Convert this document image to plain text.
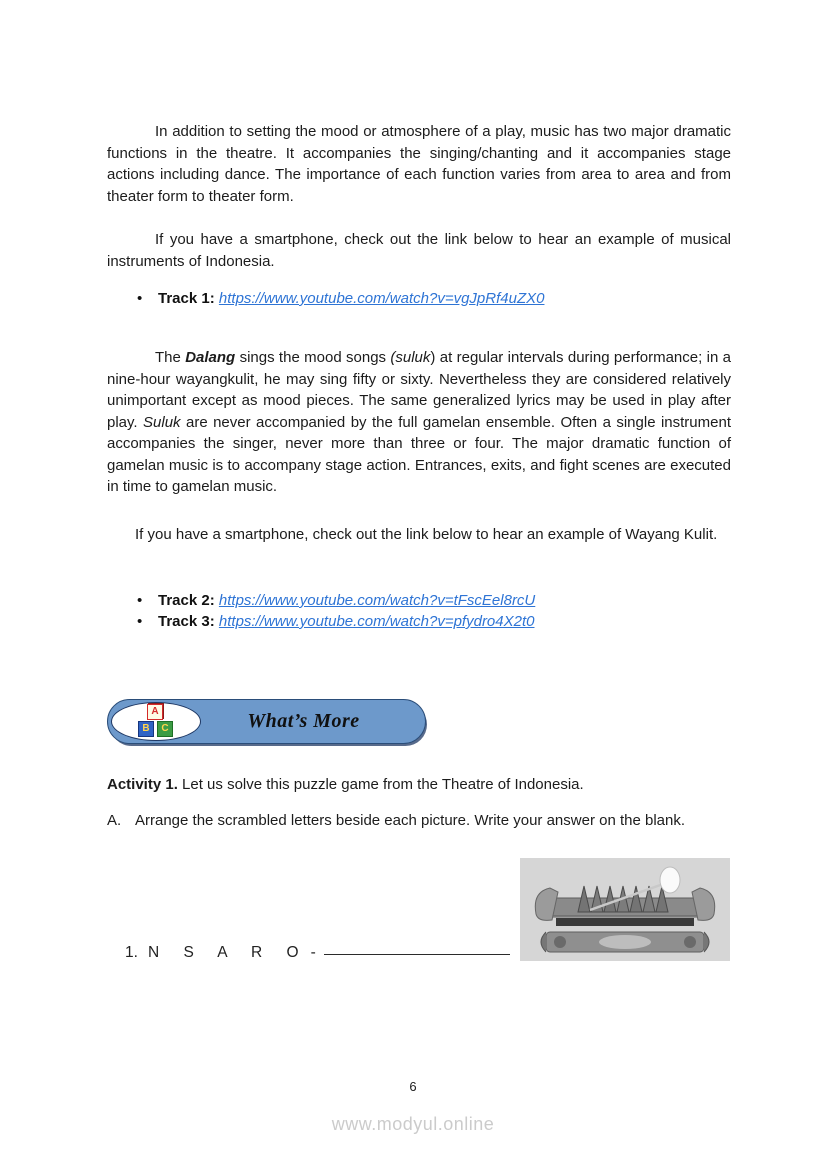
In addition to setting the mood or atmosphere of a play, music has two major dramatic functions in the theatre. It accompanies the singing/chanting and it accompanies stage actions including dance. The importance of each function varies from area to area and from theater form to theater form.

If you have a smartphone, check out the link below to hear an example of musical instruments of Indonesia.

• Track 1: https://www.youtube.com/watch?v=vgJpRf4uZX0

The Dalang sings the mood songs (suluk) at regular intervals during performance; in a nine-hour wayangkulit, he may sing fifty or sixty. Nevertheless they are considered relatively unimportant except as mood pieces. The same generalized lyrics may be used in play after play. Suluk are never accompanied by the full gamelan ensemble. Often a single instrument accompanies the singer, never more than three or four. The major dramatic function of gamelan music is to accompany stage action. Entrances, exits, and fight scenes are executed in time to gamelan music.

If you have a smartphone, check out the link below to hear an example of Wayang Kulit.

• Track 2: https://www.youtube.com/watch?v=tFscEel8rcU
• Track 3: https://www.youtube.com/watch?v=pfydro4X2t0
A
B	C	What’s More

Activity 1. Let us solve this puzzle game from the Theatre of Indonesia.

A. Arrange the scrambled letters beside each picture. Write your answer on the blank.

1. N S A R O -

6
www.modyul.online
